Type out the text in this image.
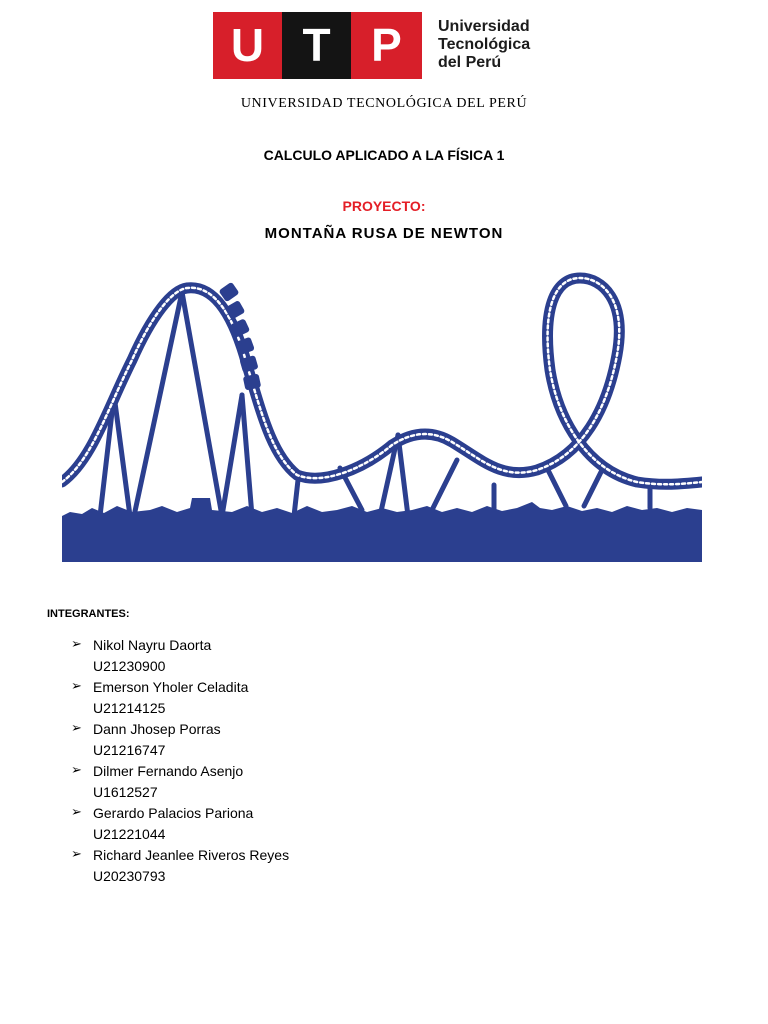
U T P	Universidad
Tecnológica
del Perú
UNIVERSIDAD TECNOLÓGICA DEL PERÚ
CALCULO APLICADO A LA FÍSICA 1
PROYECTO:
MONTAÑA RUSA DE NEWTON
INTEGRANTES:
➢ Nikol Nayru Daorta
U21230900
➢ Emerson Yholer Celadita
U21214125
➢ Dann Jhosep Porras
U21216747
➢ Dilmer Fernando Asenjo
U1612527
➢ Gerardo Palacios Pariona
U21221044
➢ Richard Jeanlee Riveros Reyes
U20230793
